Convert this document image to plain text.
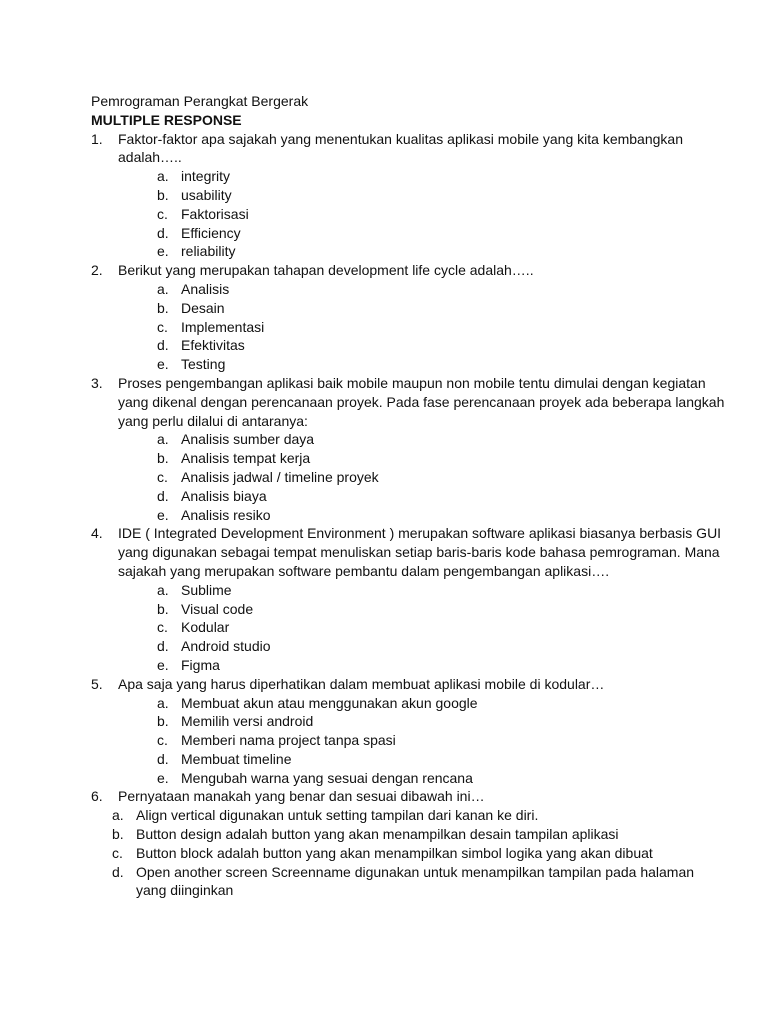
Pemrograman Perangkat Bergerak
MULTIPLE RESPONSE
1.	Faktor-faktor apa sajakah yang menentukan kualitas aplikasi mobile yang kita kembangkan adalah…..
a. integrity
b. usability
c. Faktorisasi
d. Efficiency
e. reliability
2.	Berikut yang merupakan tahapan development life cycle adalah…..
a. Analisis
b. Desain
c. Implementasi
d. Efektivitas
e. Testing
3.	Proses pengembangan aplikasi baik mobile maupun non mobile tentu dimulai dengan kegiatan yang dikenal dengan perencanaan proyek. Pada fase perencanaan proyek ada beberapa langkah yang perlu dilalui di antaranya:
a. Analisis sumber daya
b. Analisis tempat kerja
c. Analisis jadwal / timeline proyek
d. Analisis biaya
e. Analisis resiko
4.	IDE ( Integrated Development Environment ) merupakan software aplikasi biasanya berbasis GUI yang digunakan sebagai tempat menuliskan setiap baris-baris kode bahasa pemrograman. Mana sajakah yang merupakan software pembantu dalam pengembangan aplikasi….
a. Sublime
b. Visual code
c. Kodular
d. Android studio
e. Figma
5.	Apa saja yang harus diperhatikan dalam membuat aplikasi mobile di kodular…
a. Membuat akun atau menggunakan akun google
b. Memilih versi android
c. Memberi nama project tanpa spasi
d. Membuat timeline
e. Mengubah warna yang sesuai dengan rencana
6.	Pernyataan manakah yang benar dan sesuai dibawah ini…
a. Align vertical digunakan untuk setting tampilan dari kanan ke diri.
b. Button design adalah button yang akan menampilkan desain tampilan aplikasi
c. Button block adalah button yang akan menampilkan simbol logika yang akan dibuat
d. Open another screen Screenname digunakan untuk menampilkan tampilan pada halaman yang diinginkan
